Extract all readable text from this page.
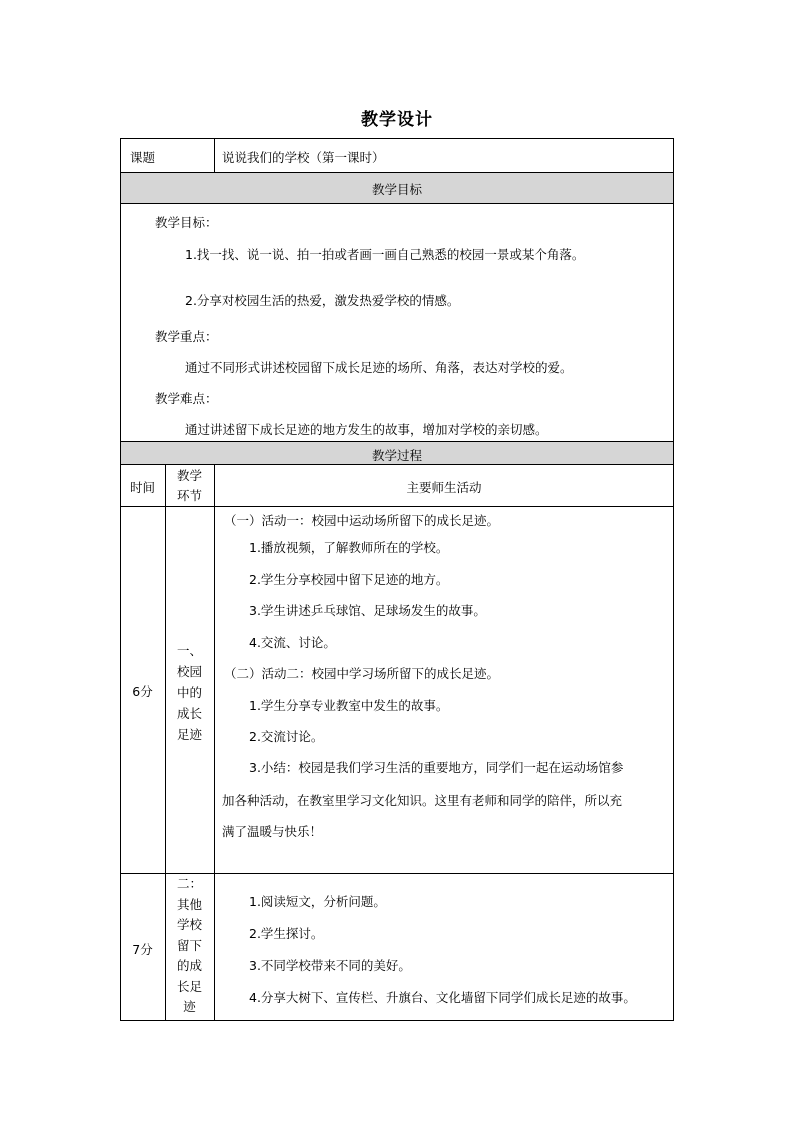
教学设计
课题	说说我们的学校（第一课时）
教学目标
教学目标：
1.找一找、说一说、拍一拍或者画一画自己熟悉的校园一景或某个角落。
2.分享对校园生活的热爱，激发热爱学校的情感。
教学重点：
通过不同形式讲述校园留下成长足迹的场所、角落，表达对学校的爱。
教学难点：
通过讲述留下成长足迹的地方发生的故事，增加对学校的亲切感。
教学过程
时间
教学
环节
主要师生活动
6分
一、
校园
中的
成长
足迹
（一）活动一：校园中运动场所留下的成长足迹。
1.播放视频，了解教师所在的学校。
2.学生分享校园中留下足迹的地方。
3.学生讲述乒乓球馆、足球场发生的故事。
4.交流、讨论。
（二）活动二：校园中学习场所留下的成长足迹。
1.学生分享专业教室中发生的故事。
2.交流讨论。
3.小结：校园是我们学习生活的重要地方，同学们一起在运动场馆参
加各种活动，在教室里学习文化知识。这里有老师和同学的陪伴，所以充
满了温暖与快乐！
7分
二：
其他
学校
留下
的成
长足
迹
1.阅读短文，分析问题。
2.学生探讨。
3.不同学校带来不同的美好。
4.分享大树下、宣传栏、升旗台、文化墙留下同学们成长足迹的故事。
